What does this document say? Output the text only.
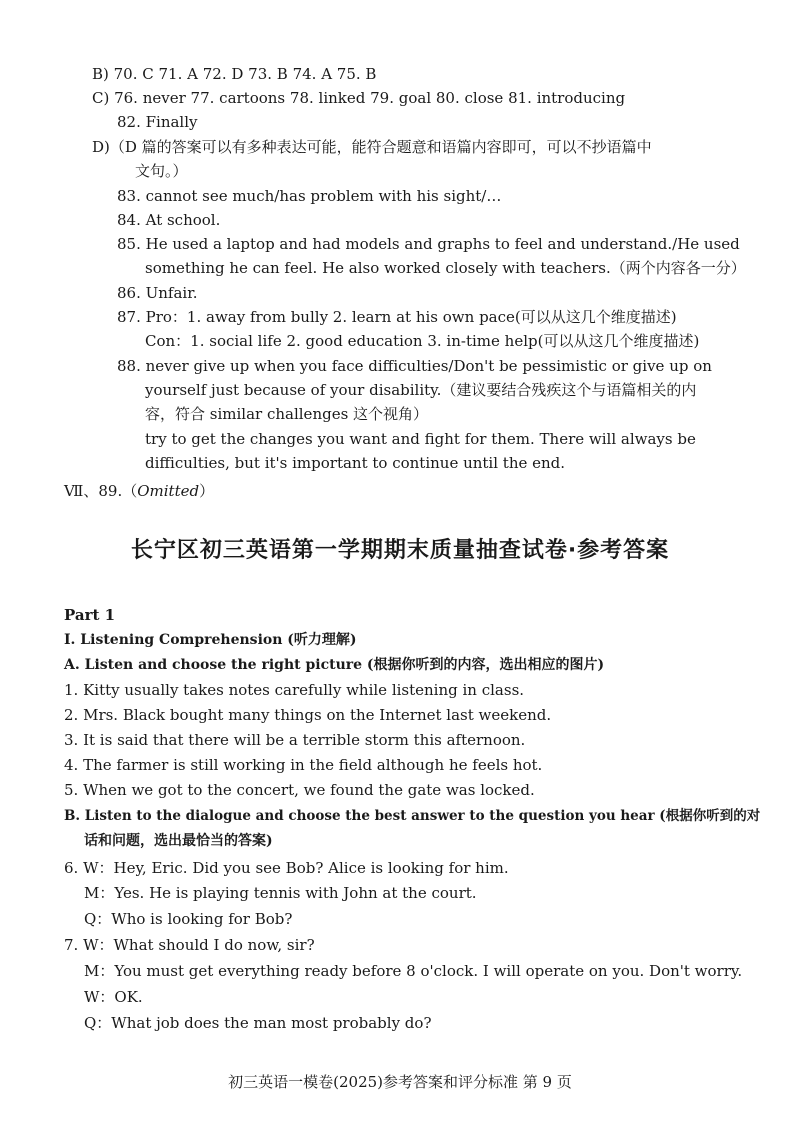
B) 70. C 71. A 72. D 73. B 74. A 75. B
C) 76. never 77. cartoons 78. linked 79. goal 80. close 81. introducing
82. Finally
D)（D 篇的答案可以有多种表达可能，能符合题意和语篇内容即可，可以不抄语篇中
文句。）
83. cannot see much/has problem with his sight/…
84. At school.
85. He used a laptop and had models and graphs to feel and understand./He used
something he can feel. He also worked closely with teachers.（两个内容各一分）
86. Unfair.
87. Pro：1. away from bully 2. learn at his own pace(可以从这几个维度描述)
Con：1. social life 2. good education 3. in-time help(可以从这几个维度描述)
88. never give up when you face difficulties/Don't be pessimistic or give up on
yourself just because of your disability.（建议要结合残疾这个与语篇相关的内
容，符合 similar challenges 这个视角）
try to get the changes you want and fight for them. There will always be
difficulties, but it's important to continue until the end.
Ⅶ、89.（Omitted）
长宁区初三英语第一学期期末质量抽查试卷·参考答案
Part 1
Ⅰ. Listening Comprehension (听力理解)
A. Listen and choose the right picture (根据你听到的内容，选出相应的图片)
1. Kitty usually takes notes carefully while listening in class.
2. Mrs. Black bought many things on the Internet last weekend.
3. It is said that there will be a terrible storm this afternoon.
4. The farmer is still working in the field although he feels hot.
5. When we got to the concert, we found the gate was locked.
B. Listen to the dialogue and choose the best answer to the question you hear (根据你听到的对
话和问题，选出最恰当的答案)
6. W：Hey, Eric. Did you see Bob? Alice is looking for him.
M：Yes. He is playing tennis with John at the court.
Q：Who is looking for Bob?
7. W：What should I do now, sir?
M：You must get everything ready before 8 o'clock. I will operate on you. Don't worry.
W：OK.
Q：What job does the man most probably do?
初三英语一模卷(2025)参考答案和评分标准 第 9 页
